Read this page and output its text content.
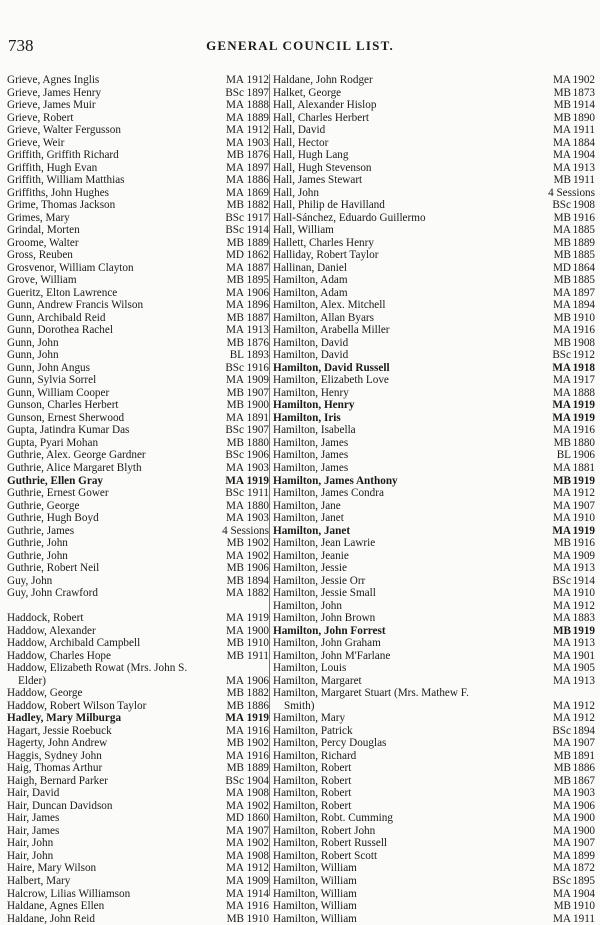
738	GENERAL COUNCIL LIST.
Grieve, Agnes Inglis	MA 1912
Grieve, James Henry	BSc 1897
Grieve, James Muir	MA 1888
Grieve, Robert	MA 1889
Grieve, Walter Fergusson	MA 1912
Grieve, Weir	MA 1903
Griffith, Griffith Richard	MB 1876
Griffith, Hugh Evan	MA 1897
Griffith, William Matthias	MA 1886
Griffiths, John Hughes	MA 1869
Grime, Thomas Jackson	MB 1882
Grimes, Mary	BSc 1917
Grindal, Morten	BSc 1914
Groome, Walter	MB 1889
Gross, Reuben	MD 1862
Grosvenor, William Clayton	MA 1887
Grove, William	MB 1895
Gueritz, Elton Lawrence	MA 1906
Gunn, Andrew Francis Wilson	MA 1896
Gunn, Archibald Reid	MB 1887
Gunn, Dorothea Rachel	MA 1913
Gunn, John	MB 1876
Gunn, John	BL 1893
Gunn, John Angus	BSc 1916
Gunn, Sylvia Sorrel	MA 1909
Gunn, William Cooper	MB 1907
Gunson, Charles Herbert	MB 1900
Gunson, Ernest Sherwood	MA 1891
Gupta, Jatindra Kumar Das	BSc 1907
Gupta, Pyari Mohan	MB 1880
Guthrie, Alex. George Gardner	BSc 1906
Guthrie, Alice Margaret Blyth	MA 1903
Guthrie, Ellen Gray	MA 1919
Guthrie, Ernest Gower	BSc 1911
Guthrie, George	MA 1880
Guthrie, Hugh Boyd	MA 1903
Guthrie, James	4 Sessions
Guthrie, John	MB 1902
Guthrie, John	MA 1902
Guthrie, Robert Neil	MB 1906
Guy, John	MB 1894
Guy, John Crawford	MA 1882
Haddock, Robert	MA 1919
Haddow, Alexander	MA 1900
Haddow, Archibald Campbell	MB 1910
Haddow, Charles Hope	MB 1911
Haddow, Elizabeth Rowat (Mrs. John S.
Elder)	MA 1906
Haddow, George	MB 1882
Haddow, Robert Wilson Taylor	MB 1886
Hadley, Mary Milburga	MA 1919
Hagart, Jessie Roebuck	MA 1916
Hagerty, John Andrew	MB 1902
Haggis, Sydney John	MA 1916
Haig, Thomas Arthur	MB 1889
Haigh, Bernard Parker	BSc 1904
Hair, David	MA 1908
Hair, Duncan Davidson	MA 1902
Hair, James	MD 1860
Hair, James	MA 1907
Hair, John	MA 1902
Hair, John	MA 1908
Haire, Mary Wilson	MA 1912
Halbert, Mary	MA 1909
Halcrow, Lilias Williamson	MA 1914
Haldane, Agnes Ellen	MA 1916
Haldane, John Reid	MB 1910
Haldane, John Rodger	MA 1902
Halket, George	MB 1873
Hall, Alexander Hislop	MB 1914
Hall, Charles Herbert	MB 1890
Hall, David	MA 1911
Hall, Hector	MA 1884
Hall, Hugh Lang	MA 1904
Hall, Hugh Stevenson	MA 1913
Hall, James Stewart	MB 1911
Hall, John	4 Sessions
Hall, Philip de Havilland	BSc 1908
Hall-Sánchez, Eduardo Guillermo	MB 1916
Hall, William	MA 1885
Hallett, Charles Henry	MB 1889
Halliday, Robert Taylor	MB 1885
Hallinan, Daniel	MD 1864
Hamilton, Adam	MB 1885
Hamilton, Adam	MA 1897
Hamilton, Alex. Mitchell	MA 1894
Hamilton, Allan Byars	MB 1910
Hamilton, Arabella Miller	MA 1916
Hamilton, David	MB 1908
Hamilton, David	BSc 1912
Hamilton, David Russell	MA 1918
Hamilton, Elizabeth Love	MA 1917
Hamilton, Henry	MA 1888
Hamilton, Henry	MA 1919
Hamilton, Iris	MA 1919
Hamilton, Isabella	MA 1916
Hamilton, James	MB 1880
Hamilton, James	BL 1906
Hamilton, James	MA 1881
Hamilton, James Anthony	MB 1919
Hamilton, James Condra	MA 1912
Hamilton, Jane	MA 1907
Hamilton, Janet	MA 1910
Hamilton, Janet	MA 1919
Hamilton, Jean Lawrie	MB 1916
Hamilton, Jeanie	MA 1909
Hamilton, Jessie	MA 1913
Hamilton, Jessie Orr	BSc 1914
Hamilton, Jessie Small	MA 1910
Hamilton, John	MA 1912
Hamilton, John Brown	MA 1883
Hamilton, John Forrest	MB 1919
Hamilton, John Graham	MA 1913
Hamilton, John M'Farlane	MA 1901
Hamilton, Louis	MA 1905
Hamilton, Margaret	MA 1913
Hamilton, Margaret Stuart (Mrs. Mathew F.
Smith)	MA 1912
Hamilton, Mary	MA 1912
Hamilton, Patrick	BSc 1894
Hamilton, Percy Douglas	MA 1907
Hamilton, Richard	MB 1891
Hamilton, Robert	MB 1886
Hamilton, Robert	MB 1867
Hamilton, Robert	MA 1903
Hamilton, Robert	MA 1906
Hamilton, Robt. Cumming	MA 1900
Hamilton, Robert John	MA 1900
Hamilton, Robert Russell	MA 1907
Hamilton, Robert Scott	MA 1899
Hamilton, William	MA 1872
Hamilton, William	BSc 1895
Hamilton, William	MA 1904
Hamilton, William	MB 1910
Hamilton, William	MA 1911
